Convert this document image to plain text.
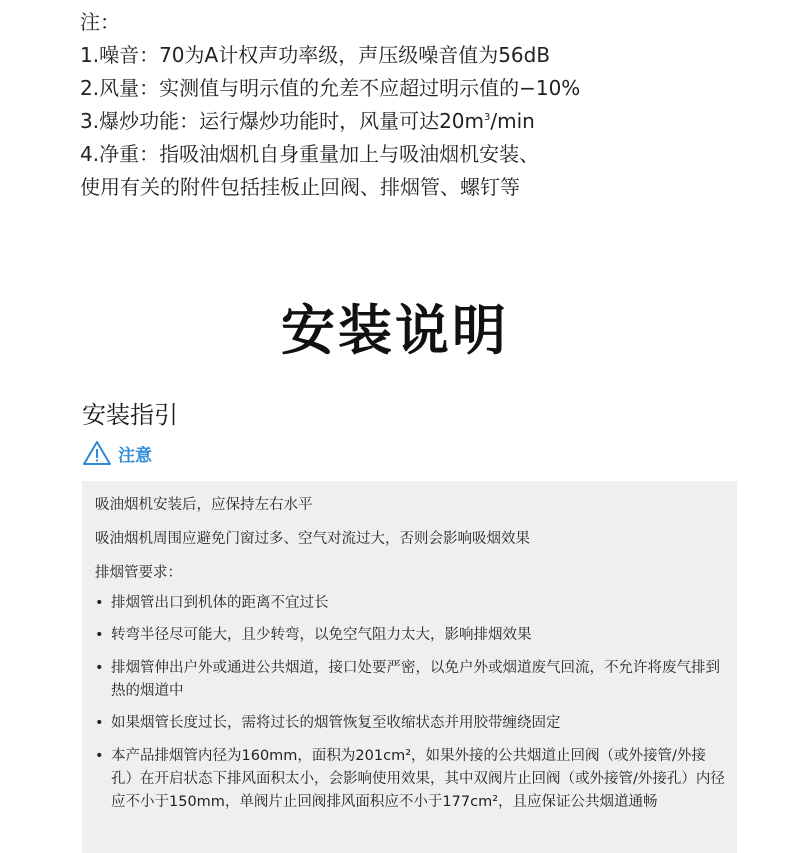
注：
1.噪音：70为A计权声功率级，声压级噪音值为56dB
2.风量：实测值与明示值的允差不应超过明示值的−10%
3.爆炒功能：运行爆炒功能时，风量可达$20m^3/\min$
4.净重：指吸油烟机自身重量加上与吸油烟机安装、
使用有关的附件包括挂板止回阀、排烟管、螺钉等
安装说明
安装指引
注意
吸油烟机安装后，应保持左右水平
吸油烟机周围应避免门窗过多、空气对流过大，否则会影响吸烟效果
排烟管要求：
• 排烟管出口到机体的距离不宜过长
• 转弯半径尽可能大，且少转弯，以免空气阻力太大，影响排烟效果
• 排烟管伸出户外或通进公共烟道，接口处要严密，以免户外或烟道废气回流，不允许将废气排到热的烟道中
• 如果烟管长度过长，需将过长的烟管恢复至收缩状态并用胶带缠绕固定
• 本产品排烟管内径为160mm，面积为201cm²，如果外接的公共烟道止回阀（或外接管/外接孔）在开启状态下排风面积太小，会影响使用效果，其中双阀片止回阀（或外接管/外接孔）内径应不小于150mm，单阀片止回阀排风面积应不小于177cm²，且应保证公共烟道通畅
